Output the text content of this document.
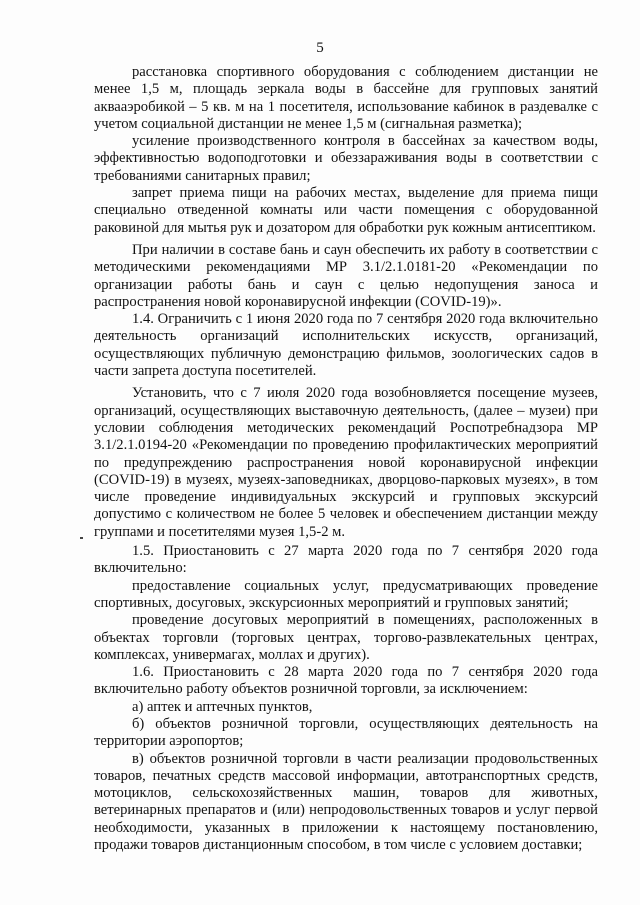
5

расстановка спортивного оборудования с соблюдением дистанции не менее 1,5 м, площадь зеркала воды в бассейне для групповых занятий аквааэробикой – 5 кв. м на 1 посетителя, использование кабинок в раздевалке с учетом социальной дистанции не менее 1,5 м (сигнальная разметка);

усиление производственного контроля в бассейнах за качеством воды, эффективностью водоподготовки и обеззараживания воды в соответствии с требованиями санитарных правил;

запрет приема пищи на рабочих местах, выделение для приема пищи специально отведенной комнаты или части помещения с оборудованной раковиной для мытья рук и дозатором для обработки рук кожным антисептиком.

При наличии в составе бань и саун обеспечить их работу в соответствии с методическими рекомендациями МР 3.1/2.1.0181-20 «Рекомендации по организации работы бань и саун с целью недопущения заноса и распространения новой коронавирусной инфекции (COVID-19)».

1.4. Ограничить с 1 июня 2020 года по 7 сентября 2020 года включительно деятельность организаций исполнительских искусств, организаций, осуществляющих публичную демонстрацию фильмов, зоологических садов в части запрета доступа посетителей.

Установить, что с 7 июля 2020 года возобновляется посещение музеев, организаций, осуществляющих выставочную деятельность, (далее – музеи) при условии соблюдения методических рекомендаций Роспотребнадзора МР 3.1/2.1.0194-20 «Рекомендации по проведению профилактических мероприятий по предупреждению распространения новой коронавирусной инфекции (COVID-19) в музеях, музеях-заповедниках, дворцово-парковых музеях», в том числе проведение индивидуальных экскурсий и групповых экскурсий допустимо с количеством не более 5 человек и обеспечением дистанции между группами и посетителями музея 1,5-2 м.

1.5. Приостановить с 27 марта 2020 года по 7 сентября 2020 года включительно:

предоставление социальных услуг, предусматривающих проведение спортивных, досуговых, экскурсионных мероприятий и групповых занятий;

проведение досуговых мероприятий в помещениях, расположенных в объектах торговли (торговых центрах, торгово-развлекательных центрах, комплексах, универмагах, моллах и других).

1.6. Приостановить с 28 марта 2020 года по 7 сентября 2020 года включительно работу объектов розничной торговли, за исключением:

а) аптек и аптечных пунктов,

б) объектов розничной торговли, осуществляющих деятельность на территории аэропортов;

в) объектов розничной торговли в части реализации продовольственных товаров, печатных средств массовой информации, автотранспортных средств, мотоциклов, сельскохозяйственных машин, товаров для животных, ветеринарных препаратов и (или) непродовольственных товаров и услуг первой необходимости, указанных в приложении к настоящему постановлению, продажи товаров дистанционным способом, в том числе с условием доставки;
